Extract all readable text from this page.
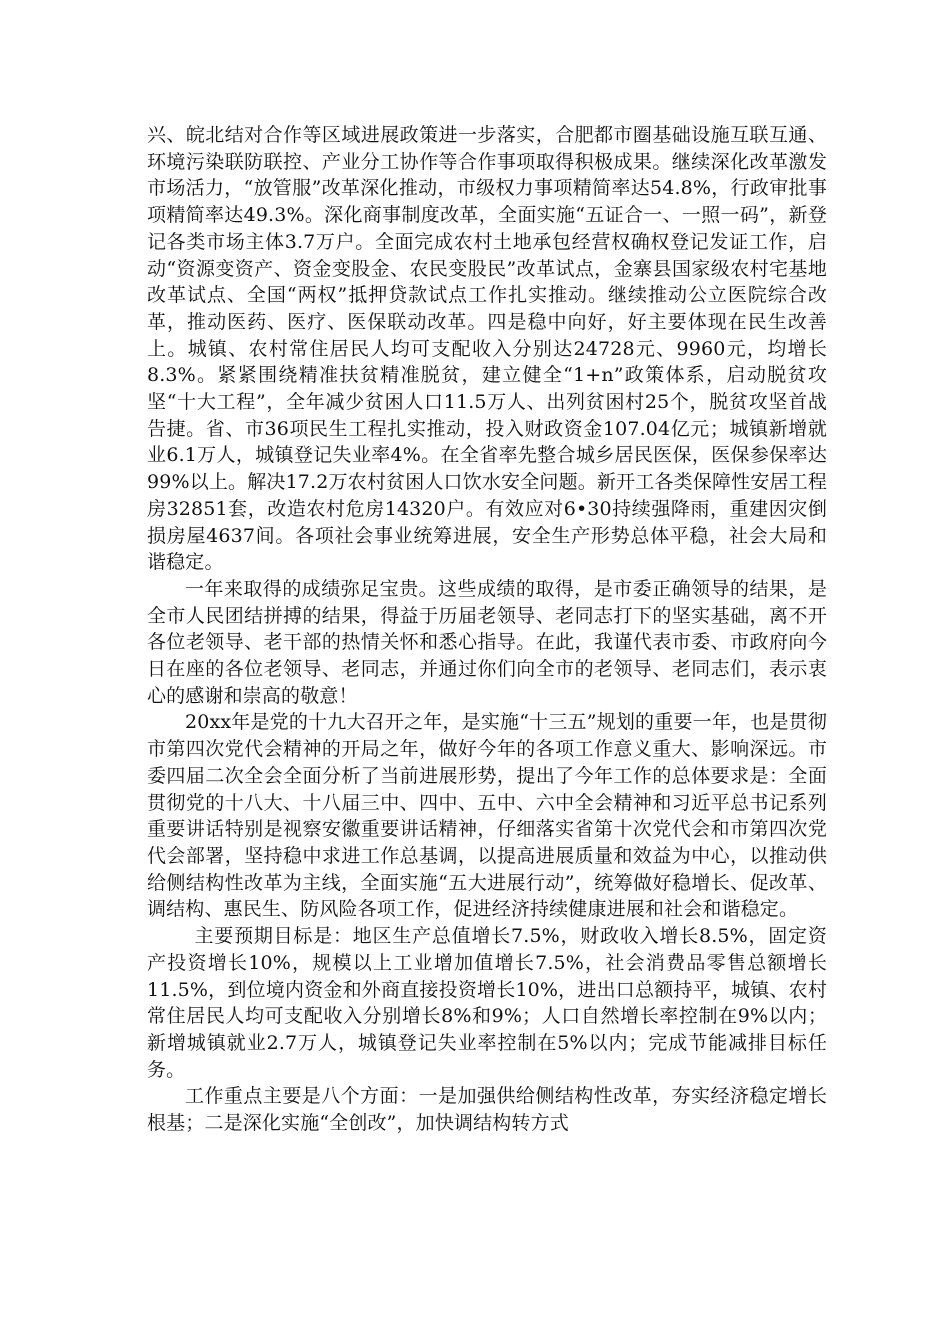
兴、皖北结对合作等区域进展政策进一步落实，合肥都市圈基础设施互联互通、环境污染联防联控、产业分工协作等合作事项取得积极成果。继续深化改革激发市场活力，“放管服”改革深化推动，市级权力事项精简率达54.8%，行政审批事项精简率达49.3%。深化商事制度改革，全面实施“五证合一、一照一码”，新登记各类市场主体3.7万户。全面完成农村土地承包经营权确权登记发证工作，启动“资源变资产、资金变股金、农民变股民”改革试点，金寨县国家级农村宅基地改革试点、全国“两权”抵押贷款试点工作扎实推动。继续推动公立医院综合改革，推动医药、医疗、医保联动改革。四是稳中向好，好主要体现在民生改善上。城镇、农村常住居民人均可支配收入分别达24728元、9960元，均增长8.3%。紧紧围绕精准扶贫精准脱贫，建立健全“1+n”政策体系，启动脱贫攻坚“十大工程”，全年减少贫困人口11.5万人、出列贫困村25个，脱贫攻坚首战告捷。省、市36项民生工程扎实推动，投入财政资金107.04亿元；城镇新增就业6.1万人，城镇登记失业率4%。在全省率先整合城乡居民医保，医保参保率达99%以上。解决17.2万农村贫困人口饮水安全问题。新开工各类保障性安居工程房32851套，改造农村危房14320户。有效应对6•30持续强降雨，重建因灾倒损房屋4637间。各项社会事业统筹进展，安全生产形势总体平稳，社会大局和谐稳定。

一年来取得的成绩弥足宝贵。这些成绩的取得，是市委正确领导的结果，是全市人民团结拼搏的结果，得益于历届老领导、老同志打下的坚实基础，离不开各位老领导、老干部的热情关怀和悉心指导。在此，我谨代表市委、市政府向今日在座的各位老领导、老同志，并通过你们向全市的老领导、老同志们，表示衷心的感谢和崇高的敬意！

20xx年是党的十九大召开之年，是实施“十三五”规划的重要一年，也是贯彻市第四次党代会精神的开局之年，做好今年的各项工作意义重大、影响深远。市委四届二次全会全面分析了当前进展形势，提出了今年工作的总体要求是：全面贯彻党的十八大、十八届三中、四中、五中、六中全会精神和习近平总书记系列重要讲话特别是视察安徽重要讲话精神，仔细落实省第十次党代会和市第四次党代会部署，坚持稳中求进工作总基调，以提高进展质量和效益为中心，以推动供给侧结构性改革为主线，全面实施“五大进展行动”，统筹做好稳增长、促改革、调结构、惠民生、防风险各项工作，促进经济持续健康进展和社会和谐稳定。

主要预期目标是：地区生产总值增长7.5%，财政收入增长8.5%，固定资产投资增长10%，规模以上工业增加值增长7.5%，社会消费品零售总额增长11.5%，到位境内资金和外商直接投资增长10%，进出口总额持平，城镇、农村常住居民人均可支配收入分别增长8%和9%；人口自然增长率控制在9%以内；新增城镇就业2.7万人，城镇登记失业率控制在5%以内；完成节能减排目标任务。

工作重点主要是八个方面：一是加强供给侧结构性改革，夯实经济稳定增长根基；二是深化实施“全创改”，加快调结构转方式
